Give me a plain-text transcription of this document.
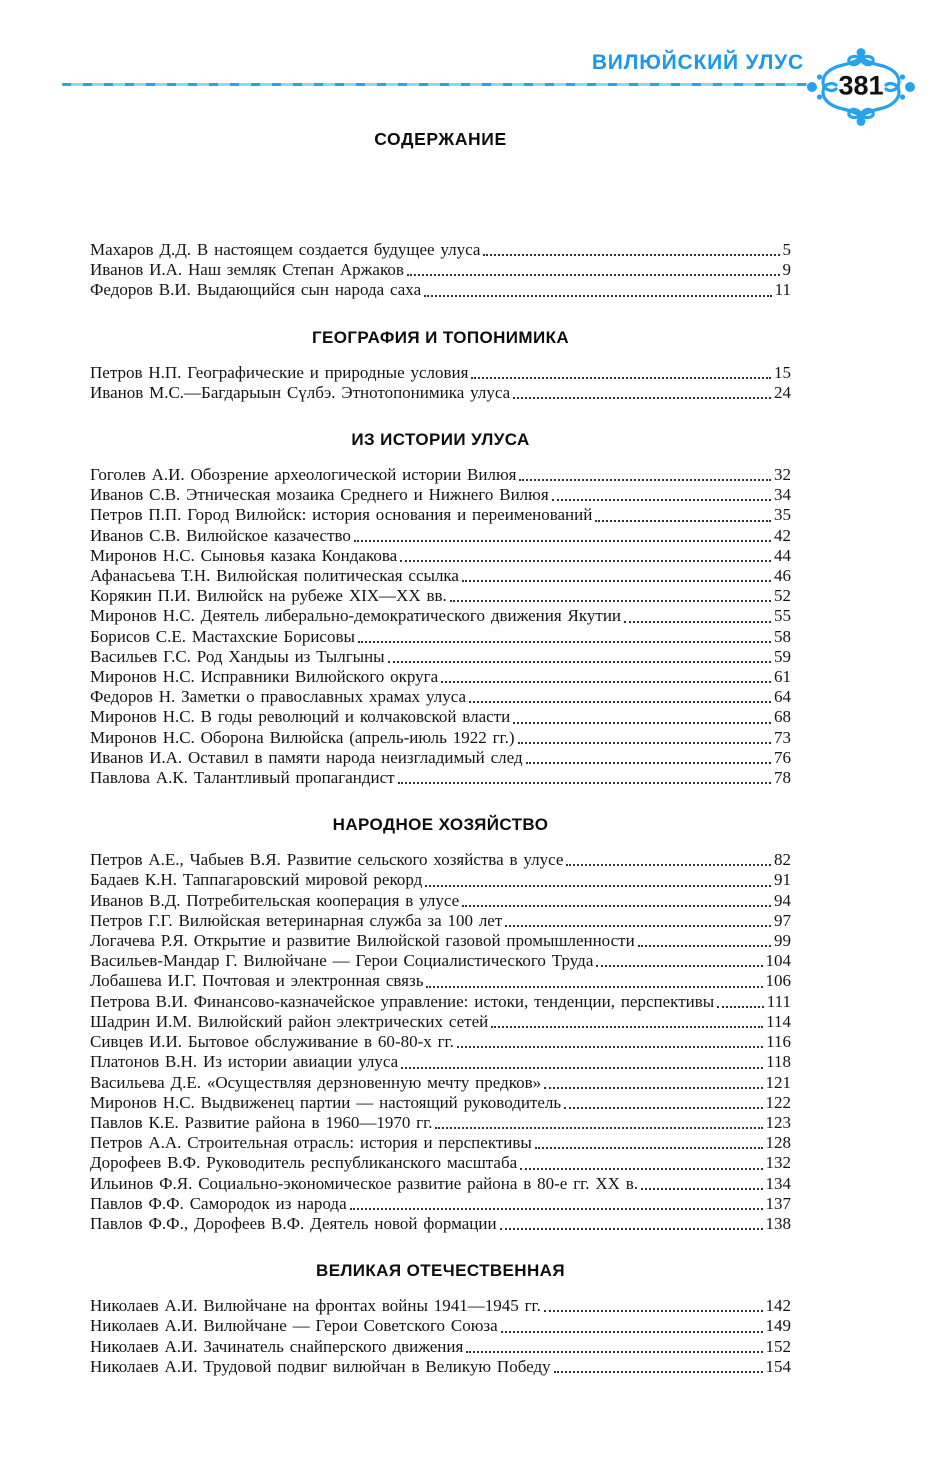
ВИЛЮЙСКИЙ УЛУС
381
СОДЕРЖАНИЕ
Махаров Д.Д. В настоящем создается будущее улуса	5
Иванов И.А. Наш земляк Степан Аржаков	9
Федоров В.И. Выдающийся сын народа саха	11
ГЕОГРАФИЯ И ТОПОНИМИКА
Петров Н.П. Географические и природные условия	15
Иванов М.С.—Багдарыын Сүлбэ. Этнотопонимика улуса	24
ИЗ ИСТОРИИ УЛУСА
Гоголев А.И. Обозрение археологической истории Вилюя	32
Иванов С.В. Этническая мозаика Среднего и Нижнего Вилюя	34
Петров П.П. Город Вилюйск: история основания и переименований	35
Иванов С.В. Вилюйское казачество	42
Миронов Н.С. Сыновья казака Кондакова	44
Афанасьева Т.Н. Вилюйская политическая ссылка	46
Корякин П.И. Вилюйск на рубеже XIX—XX вв.	52
Миронов Н.С. Деятель либерально-демократического движения Якутии	55
Борисов С.Е. Мастахские Борисовы	58
Васильев Г.С. Род Хандыы из Тылгыны	59
Миронов Н.С. Исправники Вилюйского округа	61
Федоров Н. Заметки о православных храмах улуса	64
Миронов Н.С. В годы революций и колчаковской власти	68
Миронов Н.С. Оборона Вилюйска (апрель-июль 1922 гг.)	73
Иванов И.А. Оставил в памяти народа неизгладимый след	76
Павлова А.К. Талантливый пропагандист	78
НАРОДНОЕ ХОЗЯЙСТВО
Петров А.Е., Чабыев В.Я. Развитие сельского хозяйства в улусе	82
Бадаев К.Н. Таппагаровский мировой рекорд	91
Иванов В.Д. Потребительская кооперация в улусе	94
Петров Г.Г. Вилюйская ветеринарная служба за 100 лет	97
Логачева Р.Я. Открытие и развитие Вилюйской газовой промышленности	99
Васильев-Мандар Г. Вилюйчане — Герои Социалистического Труда	104
Лобашева И.Г. Почтовая и электронная связь	106
Петрова В.И. Финансово-казначейское управление: истоки, тенденции, перспективы	111
Шадрин И.М. Вилюйский район электрических сетей	114
Сивцев И.И. Бытовое обслуживание в 60-80-х гг.	116
Платонов В.Н. Из истории авиации улуса	118
Васильева Д.Е. «Осуществляя дерзновенную мечту предков»	121
Миронов Н.С. Выдвиженец партии — настоящий руководитель	122
Павлов К.Е. Развитие района в 1960—1970 гг.	123
Петров А.А. Строительная отрасль: история и перспективы	128
Дорофеев В.Ф. Руководитель республиканского масштаба	132
Ильинов Ф.Я. Социально-экономическое развитие района в 80-е гг. XX в.	134
Павлов Ф.Ф. Самородок из народа	137
Павлов Ф.Ф., Дорофеев В.Ф. Деятель новой формации	138
ВЕЛИКАЯ ОТЕЧЕСТВЕННАЯ
Николаев А.И. Вилюйчане на фронтах войны 1941—1945 гг.	142
Николаев А.И. Вилюйчане — Герои Советского Союза	149
Николаев А.И. Зачинатель снайперского движения	152
Николаев А.И. Трудовой подвиг вилюйчан в Великую Победу	154
